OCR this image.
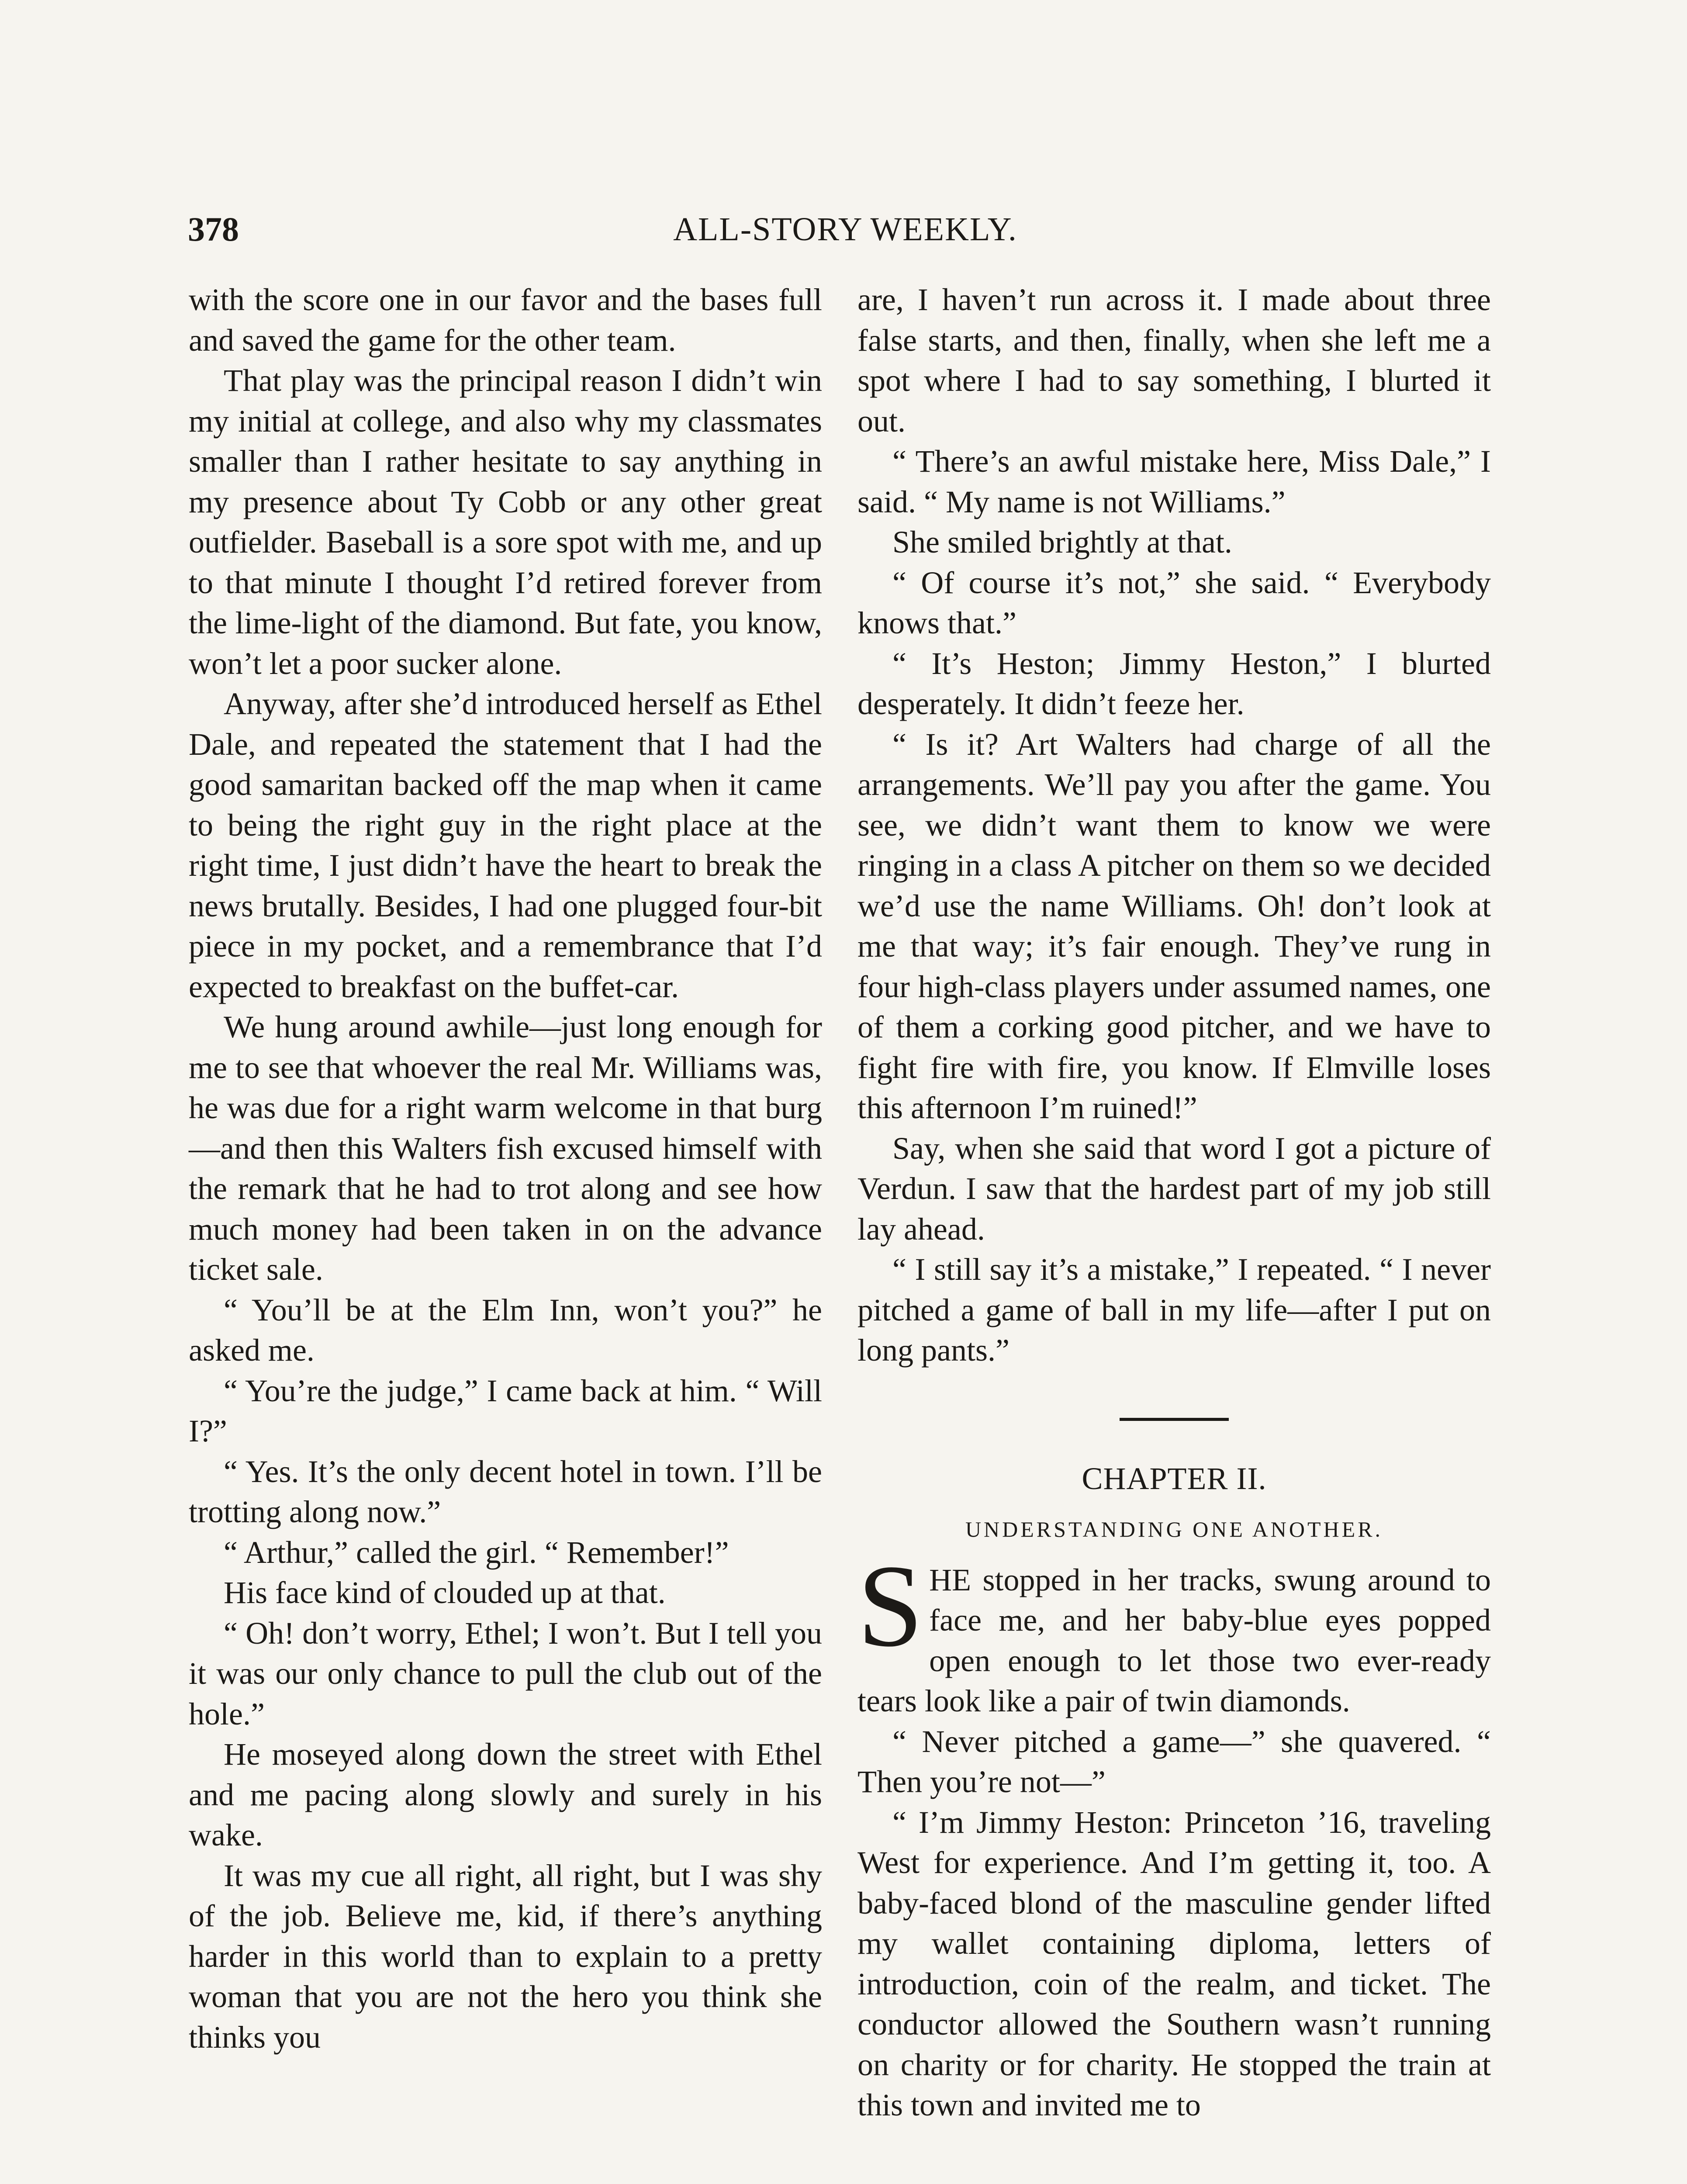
378	ALL-STORY WEEKLY.

with the score one in our favor and the bases full and saved the game for the other team.

That play was the principal reason I didn’t win my initial at college, and also why my classmates smaller than I rather hesitate to say anything in my presence about Ty Cobb or any other great outfielder. Baseball is a sore spot with me, and up to that minute I thought I’d retired forever from the lime-light of the diamond. But fate, you know, won’t let a poor sucker alone.

Anyway, after she’d introduced herself as Ethel Dale, and repeated the statement that I had the good samaritan backed off the map when it came to being the right guy in the right place at the right time, I just didn’t have the heart to break the news brutally. Besides, I had one plugged four-bit piece in my pocket, and a remembrance that I’d expected to breakfast on the buffet-car.

We hung around awhile—just long enough for me to see that whoever the real Mr. Williams was, he was due for a right warm welcome in that burg—and then this Walters fish excused himself with the remark that he had to trot along and see how much money had been taken in on the advance ticket sale.

“ You’ll be at the Elm Inn, won’t you?” he asked me.

“ You’re the judge,” I came back at him. “ Will I?”

“ Yes. It’s the only decent hotel in town. I’ll be trotting along now.”

“ Arthur,” called the girl. “ Remember!”

His face kind of clouded up at that.

“ Oh! don’t worry, Ethel; I won’t. But I tell you it was our only chance to pull the club out of the hole.”

He moseyed along down the street with Ethel and me pacing along slowly and surely in his wake.

It was my cue all right, all right, but I was shy of the job. Believe me, kid, if there’s anything harder in this world than to explain to a pretty woman that you are not the hero you think she thinks you

are, I haven’t run across it. I made about three false starts, and then, finally, when she left me a spot where I had to say something, I blurted it out.

“ There’s an awful mistake here, Miss Dale,” I said. “ My name is not Williams.”

She smiled brightly at that.

“ Of course it’s not,” she said. “ Everybody knows that.”

“ It’s Heston; Jimmy Heston,” I blurted desperately. It didn’t feeze her.

“ Is it? Art Walters had charge of all the arrangements. We’ll pay you after the game. You see, we didn’t want them to know we were ringing in a class A pitcher on them so we decided we’d use the name Williams. Oh! don’t look at me that way; it’s fair enough. They’ve rung in four high-class players under assumed names, one of them a corking good pitcher, and we have to fight fire with fire, you know. If Elmville loses this afternoon I’m ruined!”

Say, when she said that word I got a picture of Verdun. I saw that the hardest part of my job still lay ahead.

“ I still say it’s a mistake,” I repeated. “ I never pitched a game of ball in my life—after I put on long pants.”

CHAPTER II.

UNDERSTANDING ONE ANOTHER.

SHE stopped in her tracks, swung around to face me, and her baby-blue eyes popped open enough to let those two ever-ready tears look like a pair of twin diamonds.

“ Never pitched a game—” she quavered. “ Then you’re not—”

“ I’m Jimmy Heston: Princeton ’16, traveling West for experience. And I’m getting it, too. A baby-faced blond of the masculine gender lifted my wallet containing diploma, letters of introduction, coin of the realm, and ticket. The conductor allowed the Southern wasn’t running on charity or for charity. He stopped the train at this town and invited me to
